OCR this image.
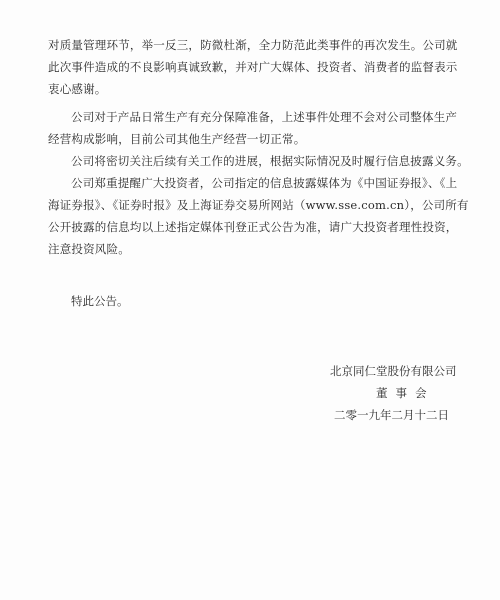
对质量管理环节，举一反三，防微杜渐，全力防范此类事件的再次发生。公司就
此次事件造成的不良影响真诚致歉，并对广大媒体、投资者、消费者的监督表示
衷心感谢。

公司对于产品日常生产有充分保障准备，上述事件处理不会对公司整体生产
经营构成影响，目前公司其他生产经营一切正常。

公司将密切关注后续有关工作的进展，根据实际情况及时履行信息披露义务。

公司郑重提醒广大投资者，公司指定的信息披露媒体为《中国证券报》、《上
海证券报》、《证券时报》及上海证券交易所网站（www.sse.com.cn），公司所有
公开披露的信息均以上述指定媒体刊登正式公告为准，请广大投资者理性投资，
注意投资风险。

特此公告。
北京同仁堂股份有限公司
董事会
二零一九年二月十二日
